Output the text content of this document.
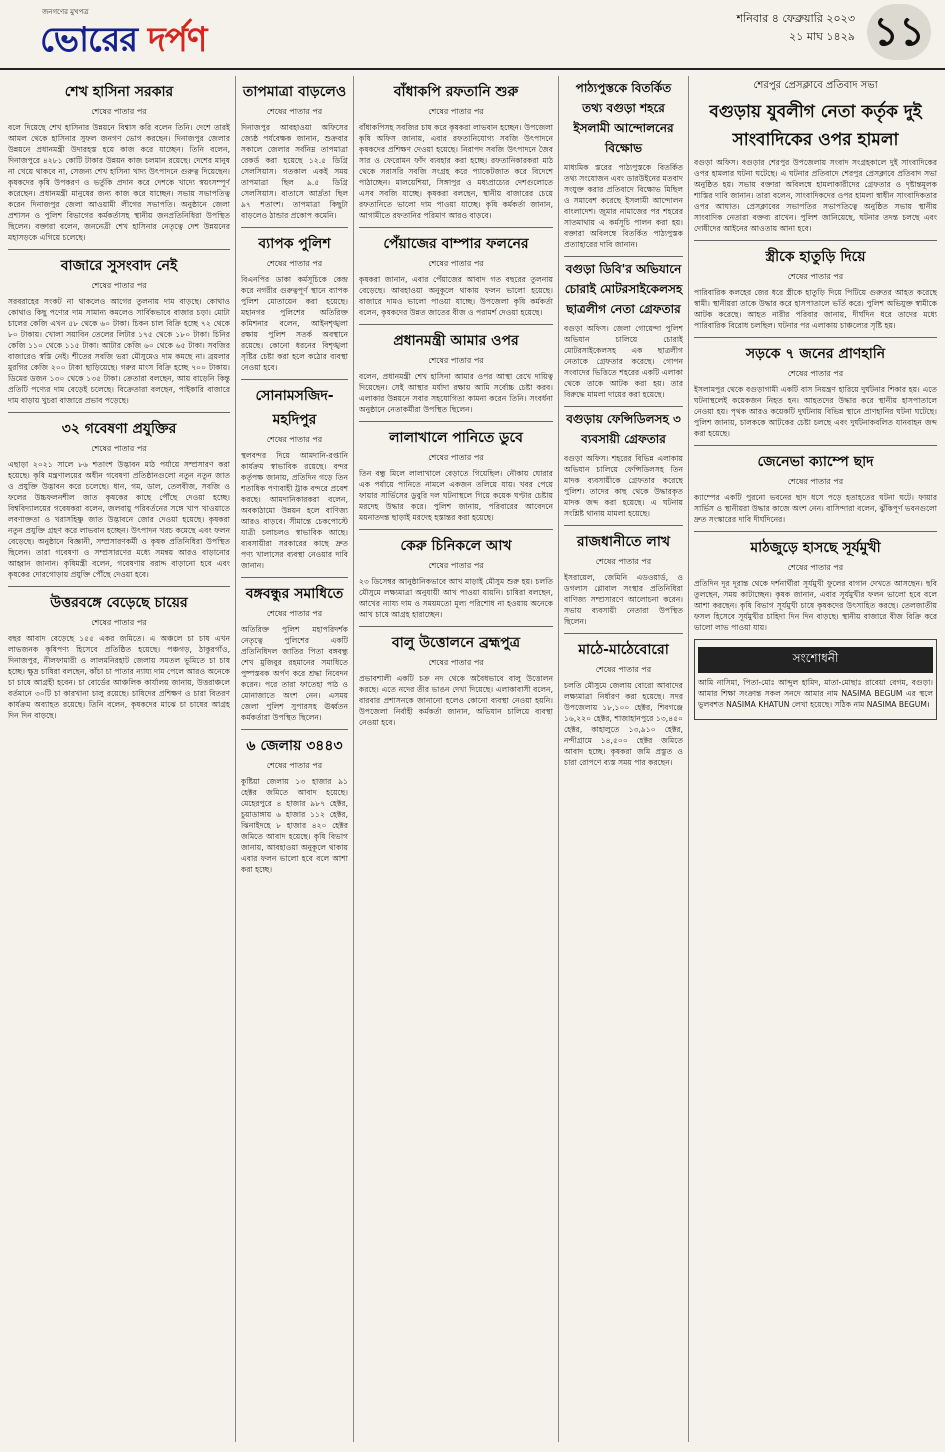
জনগণের মুখপত্র
ভোরের দর্পণ
শনিবার ৪ ফেব্রুয়ারি ২০২৩
২১ মাঘ ১৪২৯ ১১
শেখ হাসিনা সরকার
শেষের পাতার পর

বলে দিয়েছে শেখ হাসিনার উন্নয়নে বিশ্বাস করি বলেন তিনি। দেশে তারই আমল থেকে হাসিনার সুফল জনগণ ভোগ করছেন। দিনাজপুর জেলার উন্নয়নে প্রধানমন্ত্রী উদারহস্ত হয়ে কাজ করে যাচ্ছেন। তিনি বলেন, দিনাজপুরে ৪২৮১ কোটি টাকার উন্নয়ন কাজ চলমান রয়েছে। দেশের মানুষ না খেয়ে থাকবে না, সেজন্য শেখ হাসিনা খাদ্য উৎপাদনে গুরুত্ব দিয়েছেন। কৃষকদের কৃষি উপকরণ ও ভর্তুকি প্রদান করে দেশকে খাদ্যে স্বয়ংসম্পূর্ণ করেছেন। প্রধানমন্ত্রী মানুষের জন্য কাজ করে যাচ্ছেন। সভায় সভাপতিত্ব করেন দিনাজপুর জেলা আওয়ামী লীগের সভাপতি। অনুষ্ঠানে জেলা প্রশাসন ও পুলিশ বিভাগের কর্মকর্তাসহ স্থানীয় জনপ্রতিনিধিরা উপস্থিত ছিলেন। বক্তারা বলেন, জননেত্রী শেখ হাসিনার নেতৃত্বে দেশ উন্নয়নের মহাসড়কে এগিয়ে চলেছে।

বাজারে সুসংবাদ নেই
শেষের পাতার পর

সরবরাহের সংকট না থাকলেও আগের তুলনায় দাম বাড়ছে। কোথাও কোথাও কিছু পণ্যের দাম সামান্য কমলেও সার্বিকভাবে বাজার চড়া। মোটা চালের কেজি এখন ৫৮ থেকে ৬০ টাকা। চিকন চাল বিক্রি হচ্ছে ৭২ থেকে ৮০ টাকায়। খোলা সয়াবিন তেলের লিটার ১৭৫ থেকে ১৮০ টাকা। চিনির কেজি ১১০ থেকে ১১৫ টাকা। আটার কেজি ৬০ থেকে ৬৫ টাকা। সবজির বাজারেও স্বস্তি নেই। শীতের সবজি ভরা মৌসুমেও দাম কমছে না। ব্রয়লার মুরগির কেজি ২০০ টাকা ছাড়িয়েছে। গরুর মাংস বিক্রি হচ্ছে ৭০০ টাকায়। ডিমের ডজন ১৩০ থেকে ১৩৫ টাকা। ক্রেতারা বলছেন, আয় বাড়েনি কিন্তু প্রতিটি পণ্যের দাম বেড়েই চলেছে। বিক্রেতারা বলছেন, পাইকারি বাজারে দাম বাড়ায় খুচরা বাজারে প্রভাব পড়েছে।

৩২ গবেষণা প্রযুক্তির
শেষের পাতার পর

এছাড়া ২০২১ সালে ৮৬ শতাংশ উদ্ভাবন মাঠ পর্যায়ে সম্প্রসারণ করা হয়েছে। কৃষি মন্ত্রণালয়ের অধীন গবেষণা প্রতিষ্ঠানগুলো নতুন নতুন জাত ও প্রযুক্তি উদ্ভাবন করে চলেছে। ধান, গম, ডাল, তেলবীজ, সবজি ও ফলের উচ্চফলনশীল জাত কৃষকের কাছে পৌঁছে দেওয়া হচ্ছে। বিশ্ববিদ্যালয়ের গবেষকরা বলেন, জলবায়ু পরিবর্তনের সঙ্গে খাপ খাওয়াতে লবণাক্ততা ও খরাসহিষ্ণু জাত উদ্ভাবনে জোর দেওয়া হয়েছে। কৃষকরা নতুন প্রযুক্তি গ্রহণ করে লাভবান হচ্ছেন। উৎপাদন খরচ কমেছে এবং ফলন বেড়েছে। অনুষ্ঠানে বিজ্ঞানী, সম্প্রসারণকর্মী ও কৃষক প্রতিনিধিরা উপস্থিত ছিলেন। তারা গবেষণা ও সম্প্রসারণের মধ্যে সমন্বয় আরও বাড়ানোর আহ্বান জানান। কৃষিমন্ত্রী বলেন, গবেষণায় বরাদ্দ বাড়ানো হবে এবং কৃষকের দোরগোড়ায় প্রযুক্তি পৌঁছে দেওয়া হবে।

উত্তরবঙ্গে বেড়েছে চায়ের
শেষের পাতার পর

বছর আবাদ বেড়েছে ১৫৫ একর জমিতে। এ অঞ্চলে চা চাষ এখন লাভজনক কৃষিপণ্য হিসেবে প্রতিষ্ঠিত হয়েছে। পঞ্চগড়, ঠাকুরগাঁও, দিনাজপুর, নীলফামারী ও লালমনিরহাট জেলায় সমতল ভূমিতে চা চাষ হচ্ছে। ক্ষুদ্র চাষিরা বলছেন, কাঁচা চা পাতার ন্যায্য দাম পেলে আরও অনেকে চা চাষে আগ্রহী হবেন। চা বোর্ডের আঞ্চলিক কার্যালয় জানায়, উত্তরাঞ্চলে বর্তমানে ৩০টি চা কারখানা চালু রয়েছে। চাষিদের প্রশিক্ষণ ও চারা বিতরণ কার্যক্রম অব্যাহত রয়েছে। তিনি বলেন, কৃষকদের মাঝে চা চাষের আগ্রহ দিন দিন বাড়ছে।

তাপমাত্রা বাড়লেও
শেষের পাতার পর

দিনাজপুর আবহাওয়া অফিসের জ্যেষ্ঠ পর্যবেক্ষক জানান, শুক্রবার সকালে জেলার সর্বনিম্ন তাপমাত্রা রেকর্ড করা হয়েছে ১২.৫ ডিগ্রি সেলসিয়াস। গতকাল একই সময় তাপমাত্রা ছিল ৯.৫ ডিগ্রি সেলসিয়াস। বাতাসে আর্দ্রতা ছিল ৯৭ শতাংশ। তাপমাত্রা কিছুটা বাড়লেও ঠান্ডার প্রকোপ কমেনি।

ব্যাপক পুলিশ
শেষের পাতার পর

বিএনপির ডাকা কর্মসূচিকে কেন্দ্র করে নগরীর গুরুত্বপূর্ণ স্থানে ব্যাপক পুলিশ মোতায়েন করা হয়েছে। মহানগর পুলিশের অতিরিক্ত কমিশনার বলেন, আইনশৃঙ্খলা রক্ষায় পুলিশ সতর্ক অবস্থানে রয়েছে। কোনো ধরনের বিশৃঙ্খলা সৃষ্টির চেষ্টা করা হলে কঠোর ব্যবস্থা নেওয়া হবে।

সোনামসজিদ-মহদিপুর
শেষের পাতার পর

স্থলবন্দর দিয়ে আমদানি-রপ্তানি কার্যক্রম স্বাভাবিক রয়েছে। বন্দর কর্তৃপক্ষ জানায়, প্রতিদিন গড়ে তিন শতাধিক পণ্যবাহী ট্রাক বন্দরে প্রবেশ করছে। আমদানিকারকরা বলেন, অবকাঠামো উন্নয়ন হলে বাণিজ্য আরও বাড়বে। সীমান্তে চেকপোস্টে যাত্রী চলাচলও স্বাভাবিক আছে। ব্যবসায়ীরা সরকারের কাছে দ্রুত পণ্য খালাসের ব্যবস্থা নেওয়ার দাবি জানান।

বঙ্গবন্ধুর সমাধিতে
শেষের পাতার পর

অতিরিক্ত পুলিশ মহাপরিদর্শক নেতৃত্বে পুলিশের একটি প্রতিনিধিদল জাতির পিতা বঙ্গবন্ধু শেখ মুজিবুর রহমানের সমাধিতে পুষ্পস্তবক অর্পণ করে শ্রদ্ধা নিবেদন করেন। পরে তারা ফাতেহা পাঠ ও মোনাজাতে অংশ নেন। এসময় জেলা পুলিশ সুপারসহ ঊর্ধ্বতন কর্মকর্তারা উপস্থিত ছিলেন।

৬ জেলায় ৩৪৪৩
শেষের পাতার পর

কুষ্টিয়া জেলায় ১৩ হাজার ৯১ হেক্টর জমিতে আবাদ হয়েছে। মেহেরপুরে ৪ হাজার ৯৮৭ হেক্টর, চুয়াডাঙ্গায় ৬ হাজার ১১২ হেক্টর, ঝিনাইদহে ৮ হাজার ৪২০ হেক্টর জমিতে আবাদ হয়েছে। কৃষি বিভাগ জানায়, আবহাওয়া অনুকূলে থাকায় এবার ফলন ভালো হবে বলে আশা করা হচ্ছে।

বাঁধাকপি রফতানি শুরু
শেষের পাতার পর

বাঁধাকপিসহ সবজির চাষ করে কৃষকরা লাভবান হচ্ছেন। উপজেলা কৃষি অফিস জানায়, এবার রফতানিযোগ্য সবজি উৎপাদনে কৃষকদের প্রশিক্ষণ দেওয়া হয়েছে। নিরাপদ সবজি উৎপাদনে জৈব সার ও ফেরোমন ফাঁদ ব্যবহার করা হচ্ছে। রফতানিকারকরা মাঠ থেকে সরাসরি সবজি সংগ্রহ করে প্যাকেটজাত করে বিদেশে পাঠাচ্ছেন। মালয়েশিয়া, সিঙ্গাপুর ও মধ্যপ্রাচ্যের দেশগুলোতে এসব সবজি যাচ্ছে। কৃষকরা বলছেন, স্থানীয় বাজারের চেয়ে রফতানিতে ভালো দাম পাওয়া যাচ্ছে। কৃষি কর্মকর্তা জানান, আগামীতে রফতানির পরিমাণ আরও বাড়বে।

পেঁয়াজের বাম্পার ফলনের
শেষের পাতার পর

কৃষকরা জানান, এবার পেঁয়াজের আবাদ গত বছরের তুলনায় বেড়েছে। আবহাওয়া অনুকূলে থাকায় ফলন ভালো হয়েছে। বাজারে দামও ভালো পাওয়া যাচ্ছে। উপজেলা কৃষি কর্মকর্তা বলেন, কৃষকদের উন্নত জাতের বীজ ও পরামর্শ দেওয়া হয়েছে।

প্রধানমন্ত্রী আমার ওপর
শেষের পাতার পর

বলেন, প্রধানমন্ত্রী শেখ হাসিনা আমার ওপর আস্থা রেখে দায়িত্ব দিয়েছেন। সেই আস্থার মর্যাদা রক্ষায় আমি সর্বোচ্চ চেষ্টা করব। এলাকার উন্নয়নে সবার সহযোগিতা কামনা করেন তিনি। সংবর্ধনা অনুষ্ঠানে নেতাকর্মীরা উপস্থিত ছিলেন।

লালাখালে পানিতে ডুবে
শেষের পাতার পর

তিন বন্ধু মিলে লালাখালে বেড়াতে গিয়েছিল। নৌকায় ঘোরার এক পর্যায়ে পানিতে নামলে একজন তলিয়ে যায়। খবর পেয়ে ফায়ার সার্ভিসের ডুবুরি দল ঘটনাস্থলে গিয়ে কয়েক ঘণ্টার চেষ্টায় মরদেহ উদ্ধার করে। পুলিশ জানায়, পরিবারের আবেদনে ময়নাতদন্ত ছাড়াই মরদেহ হস্তান্তর করা হয়েছে।

কেরু চিনিকলে আখ
শেষের পাতার পর

২৩ ডিসেম্বর আনুষ্ঠানিকভাবে আখ মাড়াই মৌসুম শুরু হয়। চলতি মৌসুমে লক্ষ্যমাত্রা অনুযায়ী আখ পাওয়া যায়নি। চাষিরা বলছেন, আখের ন্যায্য দাম ও সময়মতো মূল্য পরিশোধ না হওয়ায় অনেকে আখ চাষে আগ্রহ হারাচ্ছেন।

বালু উত্তোলনে ব্রহ্মপুত্র
শেষের পাতার পর

প্রভাবশালী একটি চক্র নদ থেকে অবৈধভাবে বালু উত্তোলন করছে। এতে নদের তীর ভাঙন দেখা দিয়েছে। এলাকাবাসী বলেন, বারবার প্রশাসনকে জানানো হলেও কোনো ব্যবস্থা নেওয়া হয়নি। উপজেলা নির্বাহী কর্মকর্তা জানান, অভিযান চালিয়ে ব্যবস্থা নেওয়া হবে।

পাঠ্যপুস্তকে বিতর্কিত তথ্য বগুড়া শহরে ইসলামী আন্দোলনের বিক্ষোভ

মাধ্যমিক স্তরের পাঠ্যপুস্তকে বিতর্কিত তথ্য সংযোজন এবং ডারউইনের মতবাদ সংযুক্ত করার প্রতিবাদে বিক্ষোভ মিছিল ও সমাবেশ করেছে ইসলামী আন্দোলন বাংলাদেশ। জুমার নামাজের পর শহরের সাতমাথায় এ কর্মসূচি পালন করা হয়। বক্তারা অবিলম্বে বিতর্কিত পাঠ্যপুস্তক প্রত্যাহারের দাবি জানান।

বগুড়া ডিবি'র অভিযানে চোরাই মোটরসাইকেলসহ ছাত্রলীগ নেতা গ্রেফতার

বগুড়া অফিস। জেলা গোয়েন্দা পুলিশ অভিযান চালিয়ে চোরাই মোটরসাইকেলসহ এক ছাত্রলীগ নেতাকে গ্রেফতার করেছে। গোপন সংবাদের ভিত্তিতে শহরের একটি এলাকা থেকে তাকে আটক করা হয়। তার বিরুদ্ধে মামলা দায়ের করা হয়েছে।

বগুড়ায় ফেন্সিডিলসহ ৩ ব্যবসায়ী গ্রেফতার

বগুড়া অফিস। শহরের বিভিন্ন এলাকায় অভিযান চালিয়ে ফেন্সিডিলসহ তিন মাদক ব্যবসায়ীকে গ্রেফতার করেছে পুলিশ। তাদের কাছ থেকে উদ্ধারকৃত মাদক জব্দ করা হয়েছে। এ ঘটনায় সংশ্লিষ্ট থানায় মামলা হয়েছে।

রাজধানীতে লাখ
শেষের পাতার পর

ইসরায়েল, জেমিনি এডওয়ার্ড, ও ডগলাস গ্লোবাল সংস্থার প্রতিনিধিরা বাণিজ্য সম্প্রসারণে আলোচনা করেন। সভায় ব্যবসায়ী নেতারা উপস্থিত ছিলেন।

মাঠে-মাঠেবোরো
শেষের পাতার পর

চলতি মৌসুমে জেলায় বোরো আবাদের লক্ষ্যমাত্রা নির্ধারণ করা হয়েছে। সদর উপজেলায় ১৮,১০০ হেক্টর, শিবগঞ্জে ১৬,২২০ হেক্টর, শাজাহানপুরে ১৩,৪৫০ হেক্টর, কাহালুতে ১৩,৯১০ হেক্টর, নন্দীগ্রামে ১৪,৫০০ হেক্টর জমিতে আবাদ হচ্ছে। কৃষকরা জমি প্রস্তুত ও চারা রোপণে ব্যস্ত সময় পার করছেন।

শেরপুর প্রেসক্লাবে প্রতিবাদ সভা
বগুড়ায় যুবলীগ নেতা কর্তৃক দুই সাংবাদিকের ওপর হামলা

বগুড়া অফিস। বগুড়ার শেরপুর উপজেলায় সংবাদ সংগ্রহকালে দুই সাংবাদিকের ওপর হামলার ঘটনা ঘটেছে। এ ঘটনার প্রতিবাদে শেরপুর প্রেসক্লাবে প্রতিবাদ সভা অনুষ্ঠিত হয়। সভায় বক্তারা অবিলম্বে হামলাকারীদের গ্রেফতার ও দৃষ্টান্তমূলক শাস্তির দাবি জানান। তারা বলেন, সাংবাদিকদের ওপর হামলা স্বাধীন সাংবাদিকতার ওপর আঘাত। প্রেসক্লাবের সভাপতির সভাপতিত্বে অনুষ্ঠিত সভায় স্থানীয় সাংবাদিক নেতারা বক্তব্য রাখেন। পুলিশ জানিয়েছে, ঘটনার তদন্ত চলছে এবং দোষীদের আইনের আওতায় আনা হবে।

স্ত্রীকে হাতুড়ি দিয়ে
শেষের পাতার পর

পারিবারিক কলহের জের ধরে স্ত্রীকে হাতুড়ি দিয়ে পিটিয়ে গুরুতর আহত করেছে স্বামী। স্থানীয়রা তাকে উদ্ধার করে হাসপাতালে ভর্তি করে। পুলিশ অভিযুক্ত স্বামীকে আটক করেছে। আহত নারীর পরিবার জানায়, দীর্ঘদিন ধরে তাদের মধ্যে পারিবারিক বিরোধ চলছিল। ঘটনার পর এলাকায় চাঞ্চল্যের সৃষ্টি হয়।

সড়কে ৭ জনের প্রাণহানি
শেষের পাতার পর

ইসলামপুর থেকে বগুড়াগামী একটি বাস নিয়ন্ত্রণ হারিয়ে দুর্ঘটনার শিকার হয়। এতে ঘটনাস্থলেই কয়েকজন নিহত হন। আহতদের উদ্ধার করে স্থানীয় হাসপাতালে নেওয়া হয়। পৃথক আরও কয়েকটি দুর্ঘটনায় বিভিন্ন স্থানে প্রাণহানির ঘটনা ঘটেছে। পুলিশ জানায়, চালককে আটকের চেষ্টা চলছে এবং দুর্ঘটনাকবলিত যানবাহন জব্দ করা হয়েছে।

জেনেভা ক্যাম্পে ছাদ
শেষের পাতার পর

ক্যাম্পের একটি পুরনো ভবনের ছাদ ধসে পড়ে হতাহতের ঘটনা ঘটে। ফায়ার সার্ভিস ও স্থানীয়রা উদ্ধার কাজে অংশ নেন। বাসিন্দারা বলেন, ঝুঁকিপূর্ণ ভবনগুলো দ্রুত সংস্কারের দাবি দীর্ঘদিনের।

মাঠজুড়ে হাসছে সূর্যমুখী
শেষের পাতার পর

প্রতিদিন দূর দূরান্ত থেকে দর্শনার্থীরা সূর্যমুখী ফুলের বাগান দেখতে আসছেন। ছবি তুলছেন, সময় কাটাচ্ছেন। কৃষক জানান, এবার সূর্যমুখীর ফলন ভালো হবে বলে আশা করছেন। কৃষি বিভাগ সূর্যমুখী চাষে কৃষকদের উৎসাহিত করছে। তেলজাতীয় ফসল হিসেবে সূর্যমুখীর চাহিদা দিন দিন বাড়ছে। স্থানীয় বাজারে বীজ বিক্রি করে ভালো লাভ পাওয়া যায়।

সংশোধনী

আমি নাসিমা, পিতা-মোঃ আব্দুল হামিদ, মাতা-মোছাঃ রাবেয়া বেগম, বগুড়া। আমার শিক্ষা সংক্রান্ত সকল সনদে আমার নাম NASIMA BEGUM এর স্থলে ভুলবশত NASIMA KHATUN লেখা হয়েছে। সঠিক নাম NASIMA BEGUM।
